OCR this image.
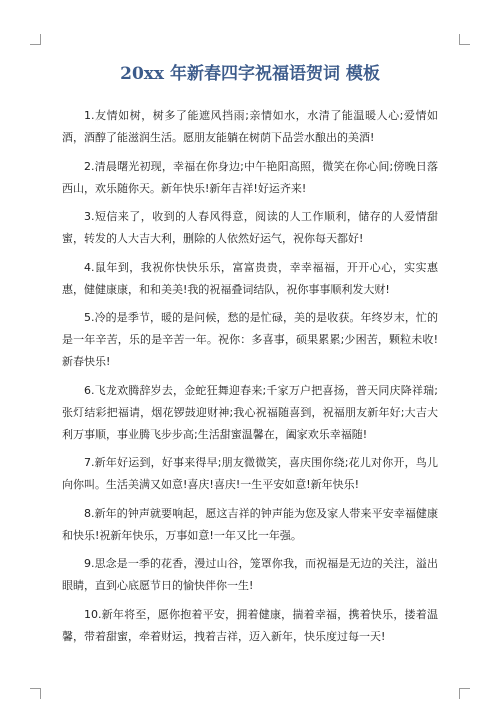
20xx 年新春四字祝福语贺词 模板

1.友情如树，树多了能遮风挡雨;亲情如水，水清了能温暖人心;爱情如酒，酒醇了能滋润生活。愿朋友能躺在树荫下品尝水酿出的美酒!

2.清晨曙光初现，幸福在你身边;中午艳阳高照，微笑在你心间;傍晚日落西山，欢乐随你天。新年快乐!新年吉祥!好运齐来!

3.短信来了，收到的人春风得意，阅读的人工作顺利，储存的人爱情甜蜜，转发的人大吉大利，删除的人依然好运气，祝你每天都好!

4.鼠年到，我祝你快快乐乐，富富贵贵，幸幸福福，开开心心，实实惠惠，健健康康，和和美美!我的祝福叠词结队，祝你事事顺利发大财!

5.冷的是季节，暖的是问候，愁的是忙碌，美的是收获。年终岁末，忙的是一年辛苦，乐的是辛苦一年。祝你：多喜事，硕果累累;少困苦，颗粒未收!新春快乐!

6.飞龙欢腾辞岁去，金蛇狂舞迎春来;千家万户把喜扬，普天同庆降祥瑞;张灯结彩把福请，烟花锣鼓迎财神;我心祝福随喜到，祝福朋友新年好;大吉大利万事顺，事业腾飞步步高;生活甜蜜温馨在，阖家欢乐幸福随!

7.新年好运到，好事来得早;朋友微微笑，喜庆围你绕;花儿对你开，鸟儿向你叫。生活美满又如意!喜庆!喜庆!一生平安如意!新年快乐!

8.新年的钟声就要响起，愿这吉祥的钟声能为您及家人带来平安幸福健康和快乐!祝新年快乐，万事如意!一年又比一年强。

9.思念是一季的花香，漫过山谷，笼罩你我，而祝福是无边的关注，溢出眼睛，直到心底愿节日的愉快伴你一生!

10.新年将至，愿你抱着平安，拥着健康，揣着幸福，携着快乐，搂着温馨，带着甜蜜，牵着财运，拽着吉祥，迈入新年，快乐度过每一天!
